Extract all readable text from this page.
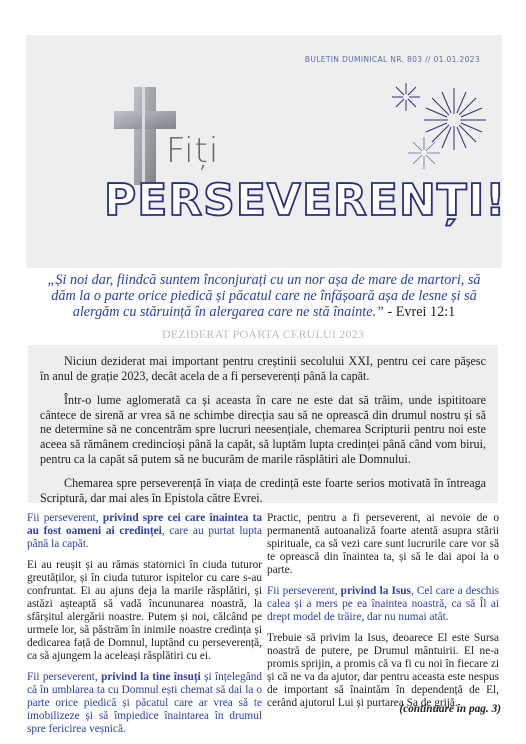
BULETIN DUMINICAL NR. 803 // 01.01.2023
Fiți
PERSEVERENȚI!
„Și noi dar, fiindcă suntem înconjurați cu un nor așa de mare de martori, să dăm la o parte orice piedică și păcatul care ne înfășoară așa de lesne și să alergăm cu stăruință în alergarea care ne stă înainte.” - Evrei 12:1
DEZIDERAT POARTA CERULUI 2023

Niciun deziderat mai important pentru creștinii secolului XXI, pentru cei care pășesc în anul de grație 2023, decât acela de a fi perseverenți până la capăt.

Într-o lume aglomerată ca și aceasta în care ne este dat să trăim, unde ispititoare cântece de sirenă ar vrea să ne schimbe direcția sau să ne oprească din drumul nostru și să ne determine să ne concentrăm spre lucruri neesențiale, chemarea Scripturii pentru noi este aceea să rămânem credincioși până la capăt, să luptăm lupta credinței până când vom birui, pentru ca la capăt să putem să ne bucurăm de marile răsplătiri ale Domnului.

Chemarea spre perseverență în viața de credință este foarte serios motivată în întreaga Scriptură, dar mai ales în Epistola către Evrei.

Fii perseverent, privind spre cei care înaintea ta au fost oameni ai credinței, care au purtat lupta până la capăt.

Ei au reușit și au rămas statornici în ciuda tuturor greutăților, și în ciuda tuturor ispitelor cu care s-au confruntat. Ei au ajuns deja la marile răsplătiri, și astăzi așteaptă să vadă încununarea noastră, la sfârșitul alergării noastre. Putem și noi, călcând pe urmele lor, să păstrăm în inimile noastre credința și dedicarea față de Domnul, luptând cu perseverență, ca să ajungem la aceleași răsplătiri cu ei.

Fii perseverent, privind la tine însuți și înțelegând că în umblarea ta cu Domnul ești chemat să dai la o parte orice piedică și păcatul care ar vrea să te imobilizeze și să împiedice înaintarea în drumul spre fericirea veșnică.

Practic, pentru a fi perseverent, ai nevoie de o permanentă autoanaliză foarte atentă asupra stării spirituale, ca să vezi care sunt lucrurile care vor să te oprească din înaintea ta, și să le dai apoi la o parte.

Fii perseverent, privind la Isus, Cel care a deschis calea și a mers pe ea înaintea noastră, ca să Îl ai drept model de trăire, dar nu numai atât.

Trebuie să privim la Isus, deoarece El este Sursa noastră de putere, pe Drumul mântuirii. El ne-a promis sprijin, a promis că va fi cu noi în fiecare zi și că ne va da ajutor, dar pentru aceasta este nespus de important să înaintăm în dependență de El, cerând ajutorul Lui și purtarea Sa de grijă.

(continuare în pag. 3)
